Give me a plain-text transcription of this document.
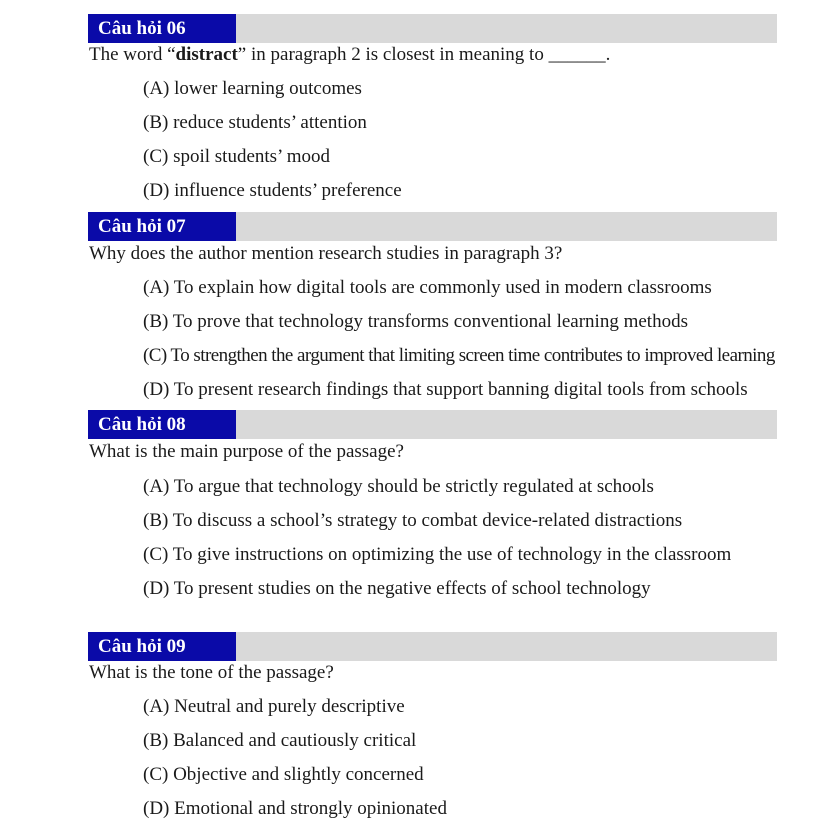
Câu hỏi 06
The word “distract” in paragraph 2 is closest in meaning to ______.
(A) lower learning outcomes
(B) reduce students’ attention
(C) spoil students’ mood
(D) influence students’ preference
Câu hỏi 07
Why does the author mention research studies in paragraph 3?
(A) To explain how digital tools are commonly used in modern classrooms
(B) To prove that technology transforms conventional learning methods
(C) To strengthen the argument that limiting screen time contributes to improved learning
(D) To present research findings that support banning digital tools from schools
Câu hỏi 08
What is the main purpose of the passage?
(A) To argue that technology should be strictly regulated at schools
(B) To discuss a school’s strategy to combat device-related distractions
(C) To give instructions on optimizing the use of technology in the classroom
(D) To present studies on the negative effects of school technology
Câu hỏi 09
What is the tone of the passage?
(A) Neutral and purely descriptive
(B) Balanced and cautiously critical
(C) Objective and slightly concerned
(D) Emotional and strongly opinionated
